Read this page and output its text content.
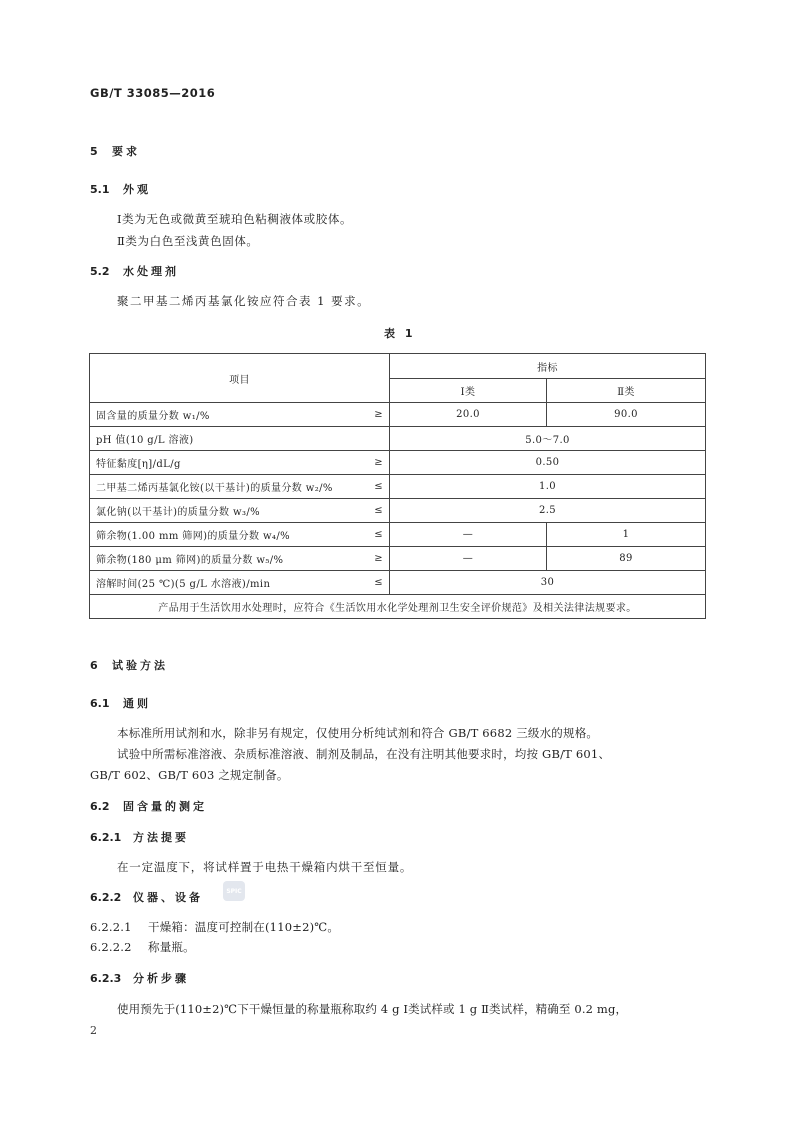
GB/T 33085—2016
5 要求
5.1 外观
Ⅰ类为无色或微黄至琥珀色粘稠液体或胶体。
Ⅱ类为白色至浅黄色固体。
5.2 水处理剂
聚二甲基二烯丙基氯化铵应符合表 1 要求。
表 1
项目	指标	
	Ⅰ类	Ⅱ类

固含量的质量分数 w₁/% ≥	20.0	90.0

pH 值(10 g/L 溶液)	5.0～7.0	

特征黏度[η]/dL/g ≥	0.50	

二甲基二烯丙基氯化铵(以干基计)的质量分数 w₂/% ≤	1.0	

氯化钠(以干基计)的质量分数 w₃/% ≤	2.5	

筛余物(1.00 mm 筛网)的质量分数 w₄/% ≤	—	1

筛余物(180 μm 筛网)的质量分数 w₅/% ≥	—	89

溶解时间(25 ℃)(5 g/L 水溶液)/min ≤	30	
产品用于生活饮用水处理时，应符合《生活饮用水化学处理剂卫生安全评价规范》及相关法律法规要求。		
6 试验方法
6.1 通则
本标准所用试剂和水，除非另有规定，仅使用分析纯试剂和符合 GB/T 6682 三级水的规格。
试验中所需标准溶液、杂质标准溶液、制剂及制品，在没有注明其他要求时，均按 GB/T 601、
GB/T 602、GB/T 603 之规定制备。
6.2 固含量的测定
6.2.1 方法提要
在一定温度下，将试样置于电热干燥箱内烘干至恒量。
6.2.2 仪器、设备	SPIC
6.2.2.1 干燥箱：温度可控制在(110±2)℃。
6.2.2.2 称量瓶。
6.2.3 分析步骤
使用预先于(110±2)℃下干燥恒量的称量瓶称取约 4 g Ⅰ类试样或 1 g Ⅱ类试样，精确至 0.2 mg，
2
